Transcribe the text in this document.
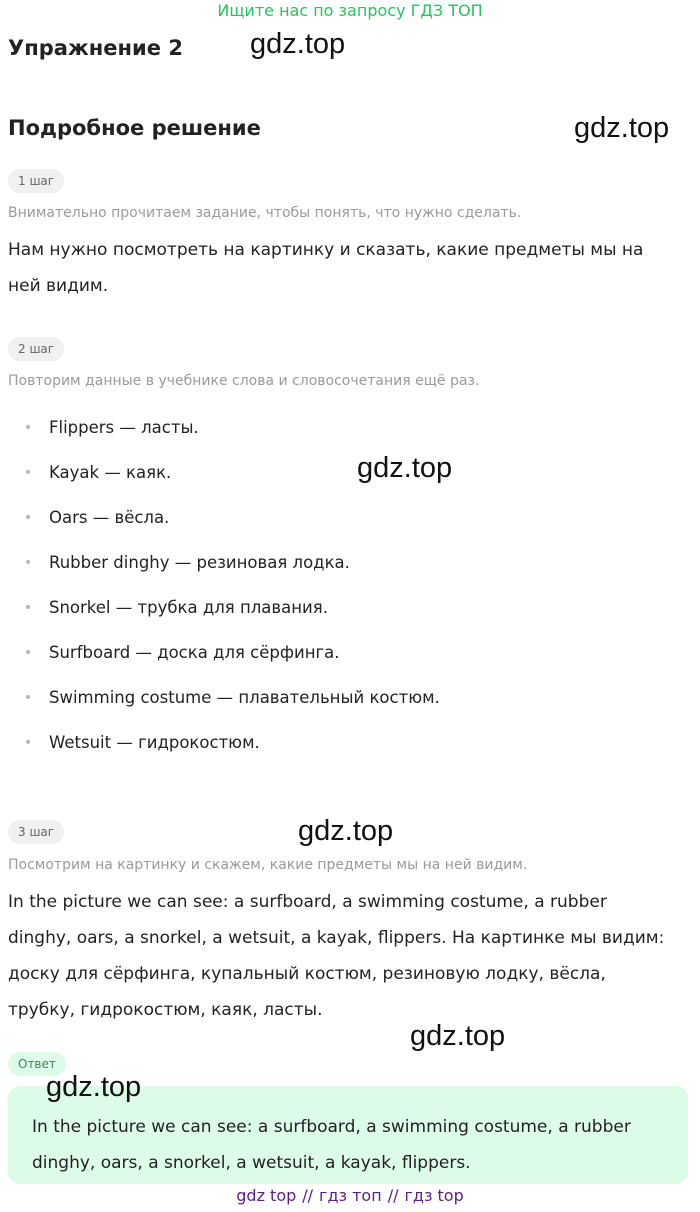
Ищите нас по запросу ГДЗ ТОП
Упражнение 2 gdz.top
Подробное решение	gdz.top
1 шаг
Внимательно прочитаем задание, чтобы понять, что нужно сделать.
Нам нужно посмотреть на картинку и сказать, какие предметы мы на ней видим.
2 шаг
Повторим данные в учебнике слова и словосочетания ещё раз.
• Flippers — ласты.
• Kayak — каяк.
• Oars — вёсла.
• Rubber dinghy — резиновая лодка.
• Snorkel — трубка для плавания.
• Surfboard — доска для сёрфинга.
• Swimming costume — плавательный костюм.
• Wetsuit — гидрокостюм.
gdz.top
3 шаг	gdz.top
Посмотрим на картинку и скажем, какие предметы мы на ней видим.
In the picture we can see: a surfboard, a swimming costume, a rubber dinghy, oars, a snorkel, a wetsuit, a kayak, flippers. На картинке мы видим: доску для сёрфинга, купальный костюм, резиновую лодку, вёсла, трубку, гидрокостюм, каяк, ласты.
gdz.top
Ответ
gdz.top
In the picture we can see: a surfboard, a swimming costume, a rubber dinghy, oars, a snorkel, a wetsuit, a kayak, flippers.
gdz top // гдз топ // гдз top
